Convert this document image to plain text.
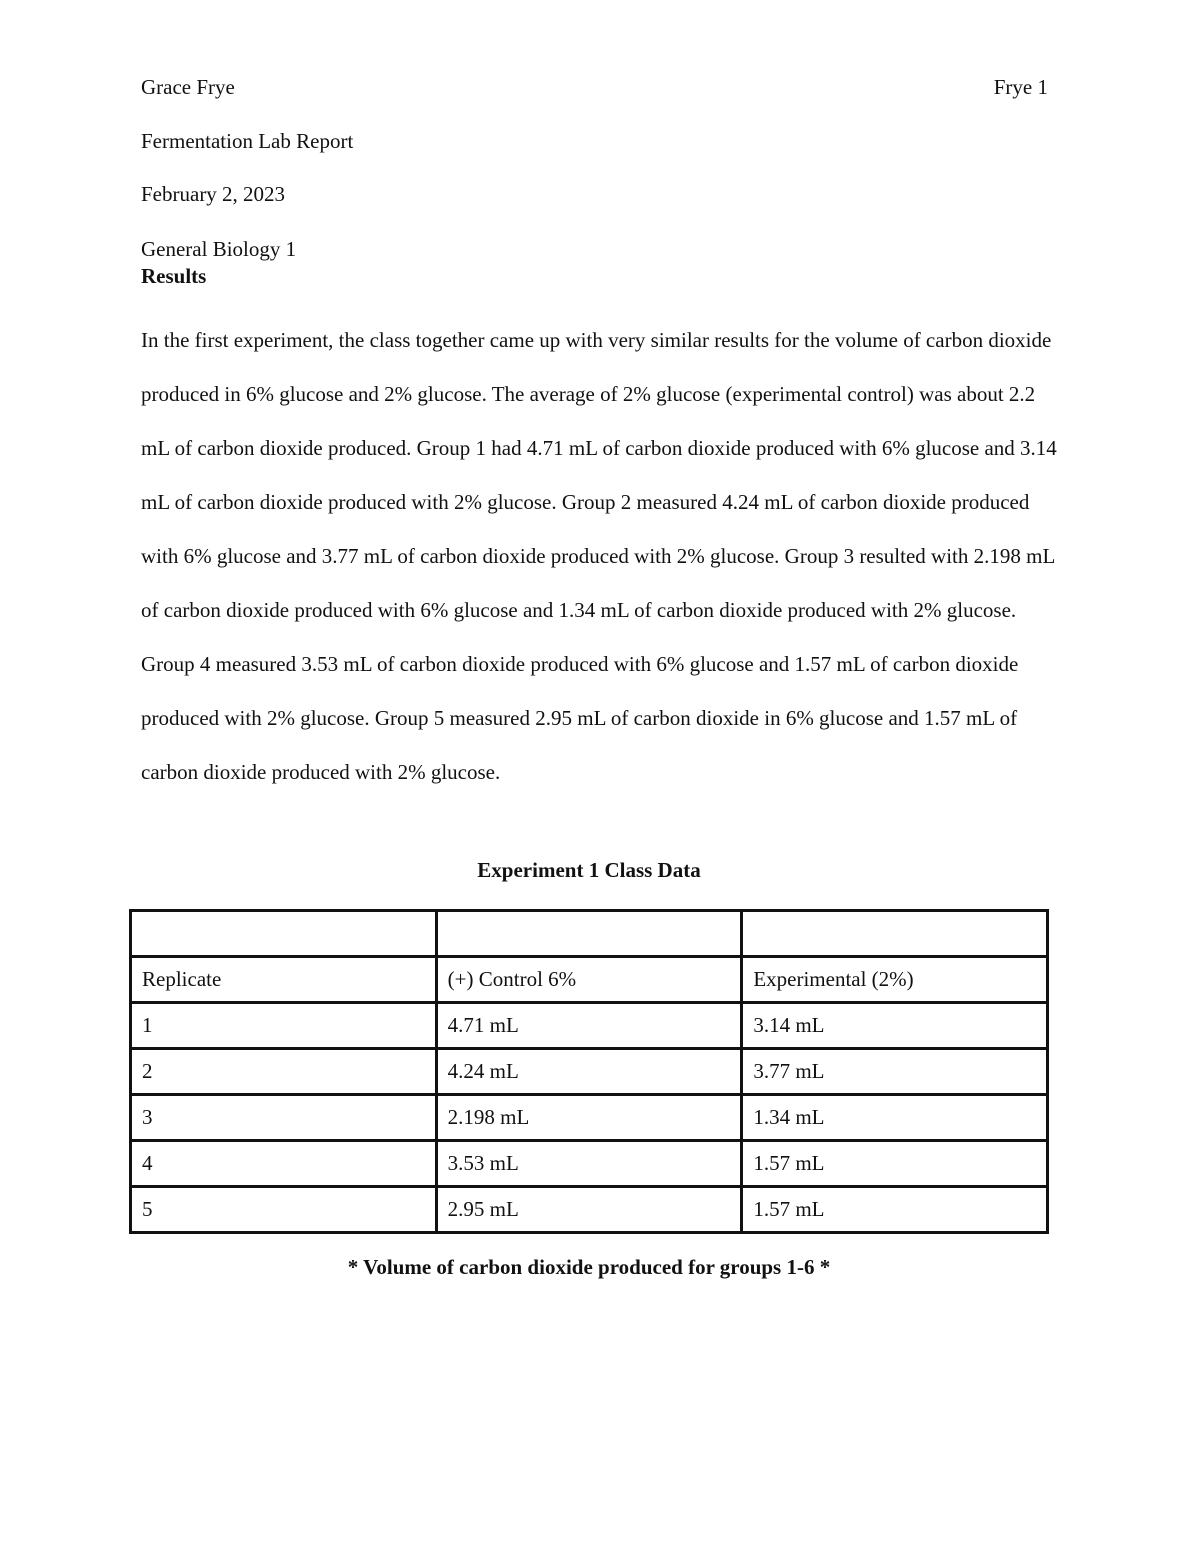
Grace Frye	Frye 1
Fermentation Lab Report
February 2, 2023
General Biology 1
Results

In the first experiment, the class together came up with very similar results for the volume of carbon dioxide produced in 6% glucose and 2% glucose. The average of 2% glucose (experimental control) was about 2.2 mL of carbon dioxide produced. Group 1 had 4.71 mL of carbon dioxide produced with 6% glucose and 3.14 mL of carbon dioxide produced with 2% glucose. Group 2 measured 4.24 mL of carbon dioxide produced with 6% glucose and 3.77 mL of carbon dioxide produced with 2% glucose. Group 3 resulted with 2.198 mL of carbon dioxide produced with 6% glucose and 1.34 mL of carbon dioxide produced with 2% glucose. Group 4 measured 3.53 mL of carbon dioxide produced with 6% glucose and 1.57 mL of carbon dioxide produced with 2% glucose. Group 5 measured 2.95 mL of carbon dioxide in 6% glucose and 1.57 mL of carbon dioxide produced with 2% glucose.

Experiment 1 Class Data

Replicate	(+) Control 6%	Experimental (2%)
1	4.71 mL	3.14 mL
2	4.24 mL	3.77 mL
3	2.198 mL	1.34 mL
4	3.53 mL	1.57 mL
5	2.95 mL	1.57 mL
* Volume of carbon dioxide produced for groups 1-6 *
